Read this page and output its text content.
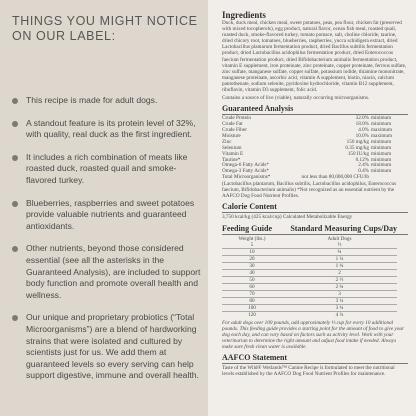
THINGS YOU MIGHT NOTICE ON OUR LABEL:
This recipe is made for adult dogs.
A standout feature is its protein level of 32%, with quality, real duck as the first ingredient.
It includes a rich combination of meats like roasted duck, roasted quail and smoke-flavored turkey.
Blueberries, raspberries and sweet potatoes provide valuable nutrients and guaranteed antioxidants.
Other nutrients, beyond those considered essential (see all the asterisks in the Guaranteed Analysis), are included to support body function and promote overall health and wellness.
Our unique and proprietary probiotics (“Total Microorganisms”) are a blend of hardworking strains that were isolated and cultured by scientists just for us. We add them at guaranteed levels so every serving can help support digestive, immune and overall health.
Ingredients
Duck, duck meal, chicken meal, sweet potatoes, peas, pea flour, chicken fat (preserved with mixed tocopherols), egg product, natural flavor, ocean fish meal, roasted quail, roasted duck, smoke-flavored turkey, tomato pomace, salt, choline chloride, taurine, dried chicory root, tomatoes, blueberries, raspberries, yucca schidigera extract, dried Lactobacillus plantarum fermentation product, dried Bacillus subtilis fermentation product, dried Lactobacillus acidophilus fermentation product, dried Enterococcus faecium fermentation product, dried Bifidobacterium animalis fermentation product, vitamin E supplement, iron proteinate, zinc proteinate, copper proteinate, ferrous sulfate, zinc sulfate, manganese sulfate, copper sulfate, potassium iodide, thiamine mononitrate, manganese proteinate, ascorbic acid, vitamin A supplement, biotin, niacin, calcium pantothenate, sodium selenite, pyridoxine hydrochloride, vitamin B12 supplement, riboflavin, vitamin D3 supplement, folic acid.
Contains a source of live (viable), naturally occurring microorganisms.
Guaranteed Analysis
Crude Protein	32.0%	minimum
Crude Fat	18.0%	minimum
Crude Fiber	4.0%	maximum
Moisture	10.0%	maximum
Zinc	150 mg/kg	minimum
Selenium	0.35 mg/kg	minimum
Vitamin E	150 IU/kg	minimum
Taurine*	0.12%	minimum
Omega-6 Fatty Acids*	2.4%	minimum
Omega-3 Fatty Acids*	0.4%	minimum
Total Microorganisms*	not less than 80,000,000 CFU/lb	
(Lactobacillus plantarum, Bacillus subtilis, Lactobacillus acidophilus, Enterococcus faecium, Bifidobacterium animalis) *Not recognized as an essential nutrient by the AAFCO Dog Food Nutrient Profiles.
Calorie Content
3,750 kcal/kg (425 kcal/cup) Calculated Metabolizable Energy
Feeding Guide Standard Measuring Cups/Day
Weight (lbs.)	Adult Dogs
5	½
10	¾
20	1 ¼
30	1 ¾
40	2
50	2 ½
60	2 ¾
70	3
80	3 ¼
100	3 ¾
120	4 ¼
For adult dogs over 100 pounds, add approximately ⅓ cup for every 10 additional pounds. This feeding guide provides a starting point for the amount of food to give your dog each day, and can vary based on factors such as activity level. Work with your veterinarian to determine the right amount and adjust food intake if needed. Always make sure fresh clean water is available.
AAFCO Statement
Taste of the Wild® Wetlands™ Canine Recipe is formulated to meet the nutritional levels established by the AAFCO Dog Food Nutrient Profiles for maintenance.
